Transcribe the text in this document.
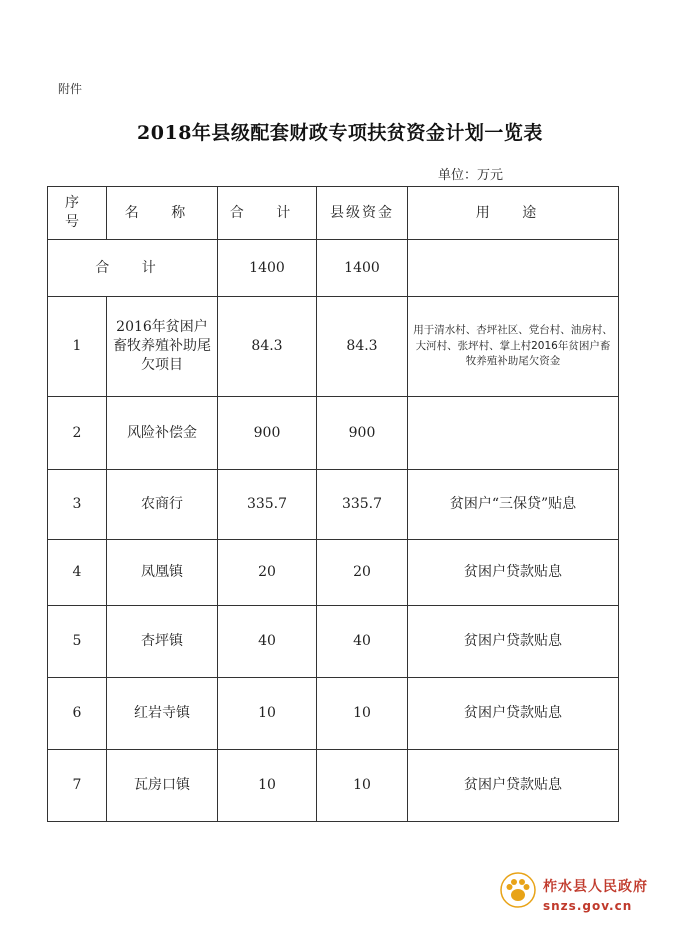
附件
2018年县级配套财政专项扶贫资金计划一览表
单位：万元
序 号	名 称	合 计	县级资金	用 途
合 计		1400	1400	
1	2016年贫困户畜牧养殖补助尾欠项目	84.3	84.3	用于清水村、杏坪社区、党台村、油房村、大河村、张坪村、掌上村2016年贫困户畜牧养殖补助尾欠资金
2	风险补偿金	900	900	
3	农商行	335.7	335.7	贫困户“三保贷”贴息
4	凤凰镇	20	20	贫困户贷款贴息
5	杏坪镇	40	40	贫困户贷款贴息
6	红岩寺镇	10	10	贫困户贷款贴息
7	瓦房口镇	10	10	贫困户贷款贴息
柞水县人民政府
snzs.gov.cn
